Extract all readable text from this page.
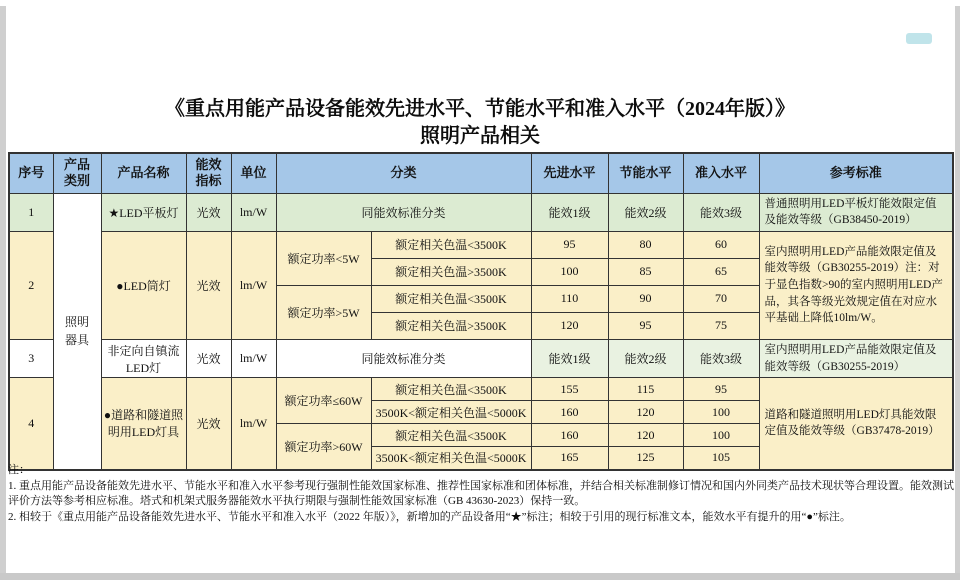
《重点用能产品设备能效先进水平、节能水平和准入水平（2024年版）》
照明产品相关
序号	产品类别	产品名称	能效指标	单位	分类		先进水平	节能水平	准入水平	参考标准
1	照明器具	★LED平板灯	光效	lm/W	同能效标准分类		能效1级	能效2级	能效3级	普通照明用LED平板灯能效限定值及能效等级（GB38450-2019）
2		●LED筒灯	光效	lm/W	额定功率<5W	额定相关色温<3500K	95	80	60	室内照明用LED产品能效限定值及能效等级（GB30255-2019）注：对于显色指数>90的室内照明用LED产品，其各等级光效规定值在对应水平基础上降低10lm/W。
						额定相关色温>3500K	100	85	65	
					额定功率>5W	额定相关色温<3500K	110	90	70	
						额定相关色温>3500K	120	95	75	
3		非定向自镇流LED灯	光效	lm/W	同能效标准分类		能效1级	能效2级	能效3级	室内照明用LED产品能效限定值及能效等级（GB30255-2019）
4		●道路和隧道照明用LED灯具	光效	lm/W	额定功率≤60W	额定相关色温<3500K	155	115	95	道路和隧道照明用LED灯具能效限定值及能效等级（GB37478-2019）
						3500K<额定相关色温<5000K	160	120	100	
					额定功率>60W	额定相关色温<3500K	160	120	100	
						3500K<额定相关色温<5000K	165	125	105	

注：

1. 重点用能产品设备能效先进水平、节能水平和准入水平参考现行强制性能效国家标准、推荐性国家标准和团体标准，并结合相关标准制修订情况和国内外同类产品技术现状等合理设置。能效测试评价方法等参考相应标准。塔式和机架式服务器能效水平执行期限与强制性能效国家标准（GB 43630-2023）保持一致。

2. 相较于《重点用能产品设备能效先进水平、节能水平和准入水平（2022 年版）》，新增加的产品设备用“★”标注；相较于引用的现行标准文本，能效水平有提升的用“●”标注。
